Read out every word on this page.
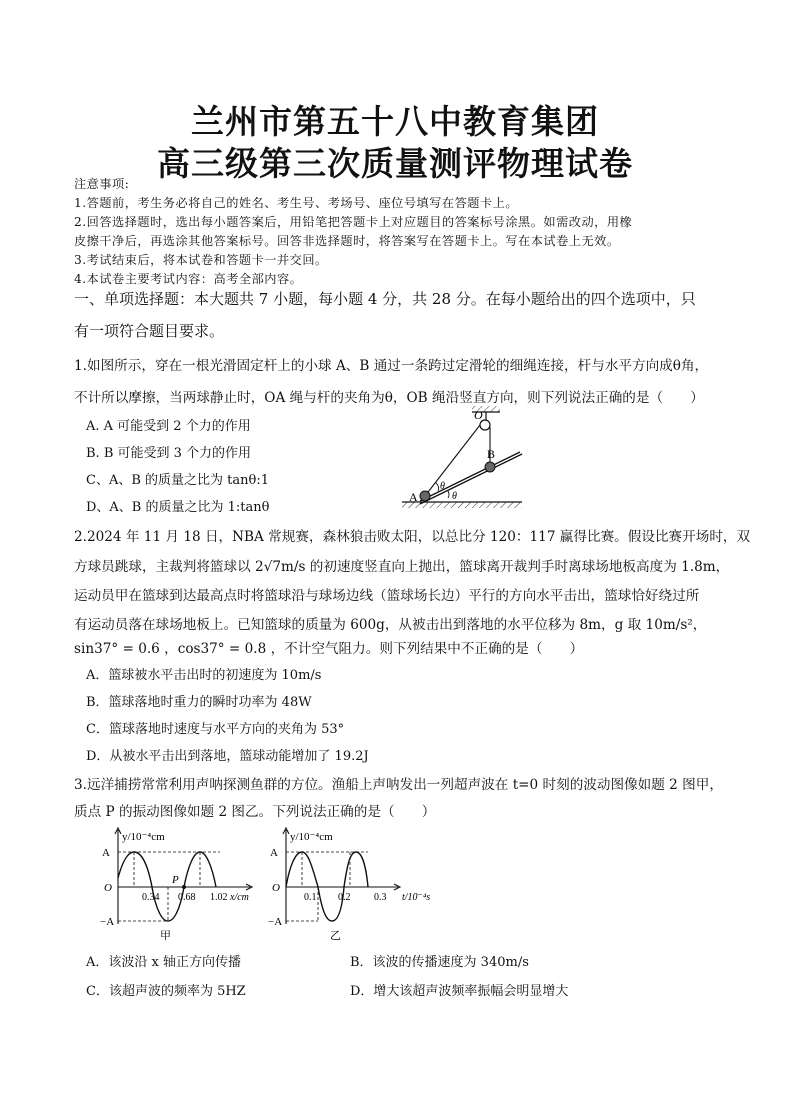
兰州市第五十八中教育集团
高三级第三次质量测评物理试卷
注意事项:
1.答题前，考生务必将自己的姓名、考生号、考场号、座位号填写在答题卡上。
2.回答选择题时，选出每小题答案后，用铅笔把答题卡上对应题目的答案标号涂黑。如需改动，用橡
皮擦干净后，再选涂其他答案标号。回答非选择题时，将答案写在答题卡上。写在本试卷上无效。
3.考试结束后，将本试卷和答题卡一并交回。
4.本试卷主要考试内容：高考全部内容。
一、单项选择题：本大题共 7 小题，每小题 4 分，共 28 分。在每小题给出的四个选项中，只
有一项符合题目要求。
1.如图所示，穿在一根光滑固定杆上的小球 A、B 通过一条跨过定滑轮的细绳连接，杆与水平方向成θ角，
不计所以摩擦，当两球静止时，OA 绳与杆的夹角为θ，OB 绳沿竖直方向，则下列说法正确的是（　　）
A. A 可能受到 2 个力的作用
B. B 可能受到 3 个力的作用
C、A、B 的质量之比为 tanθ:1
D、A、B 的质量之比为 1:tanθ
O
A
B
θ
θ
2.2024 年 11 月 18 日，NBA 常规赛，森林狼击败太阳，以总比分 120：117 赢得比赛。假设比赛开场时，双
方球员跳球，主裁判将篮球以 2√7m/s 的初速度竖直向上抛出，篮球离开裁判手时离球场地板高度为 1.8m，
运动员甲在篮球到达最高点时将篮球沿与球场边线（篮球场长边）平行的方向水平击出，篮球恰好绕过所
有运动员落在球场地板上。已知篮球的质量为 600g，从被击出到落地的水平位移为 8m，g 取 10m/s²，
sin37° = 0.6 ，cos37° = 0.8 ，不计空气阻力。则下列结果中不正确的是（　　）
A．篮球被水平击出时的初速度为 10m/s
B．篮球落地时重力的瞬时功率为 48W
C．篮球落地时速度与水平方向的夹角为 53°
D．从被水平击出到落地，篮球动能增加了 19.2J
3.远洋捕捞常常利用声呐探测鱼群的方位。渔船上声呐发出一列超声波在 t=0 时刻的波动图像如题 2 图甲，
质点 P 的振动图像如题 2 图乙。下列说法正确的是（　　）
y/10⁻⁴cm
A
−A
O
0.34 0.68 1.02
P
x/cm
甲
y/10⁻⁴cm
A
−A
O
0.1 0.2 0.3 t/10⁻⁴s
乙
A．该波沿 x 轴正方向传播	B．该波的传播速度为 340m/s
C．该超声波的频率为 5HZ	D．增大该超声波频率振幅会明显增大
